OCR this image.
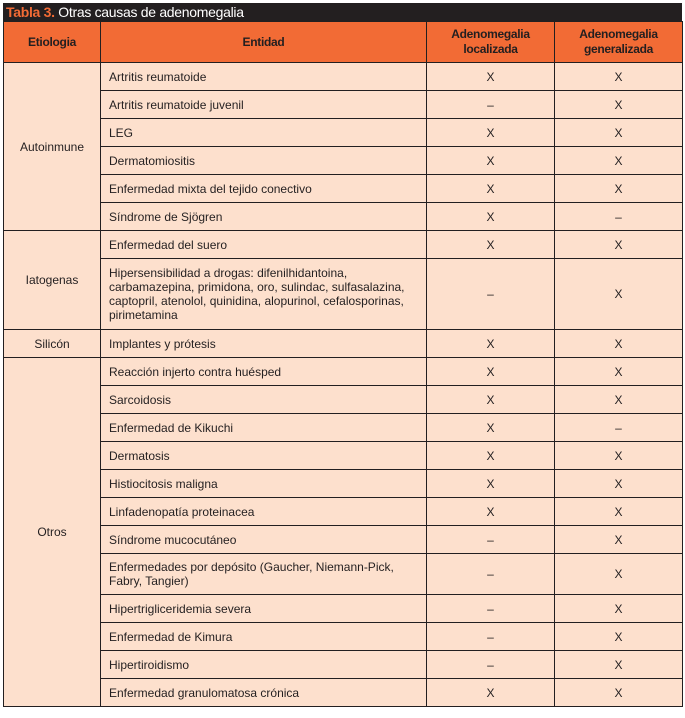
Tabla 3. Otras causas de adenomegalia
Etiologia	Entidad	Adenomegalia localizada	Adenomegalia generalizada
Autoinmune	Artritis reumatoide	X	X
	Artritis reumatoide juvenil	–	X
	LEG	X	X
	Dermatomiositis	X	X
	Enfermedad mixta del tejido conectivo	X	X
	Síndrome de Sjögren	X	–
Iatogenas	Enfermedad del suero	X	X
	Hipersensibilidad a drogas: difenilhidantoina, carbamazepina, primidona, oro, sulindac, sulfasalazina, captopril, atenolol, quinidina, alopurinol, cefalosporinas, pirimetamina	–	X
Silicón	Implantes y prótesis	X	X
Otros	Reacción injerto contra huésped	X	X
	Sarcoidosis	X	X
	Enfermedad de Kikuchi	X	–
	Dermatosis	X	X
	Histiocitosis maligna	X	X
	Linfadenopatía proteinacea	X	X
	Síndrome mucocutáneo	–	X
	Enfermedades por depósito (Gaucher, Niemann-Pick, Fabry, Tangier)	–	X
	Hipertrigliceridemia severa	–	X
	Enfermedad de Kimura	–	X
	Hipertiroidismo	–	X
	Enfermedad granulomatosa crónica	X	X
